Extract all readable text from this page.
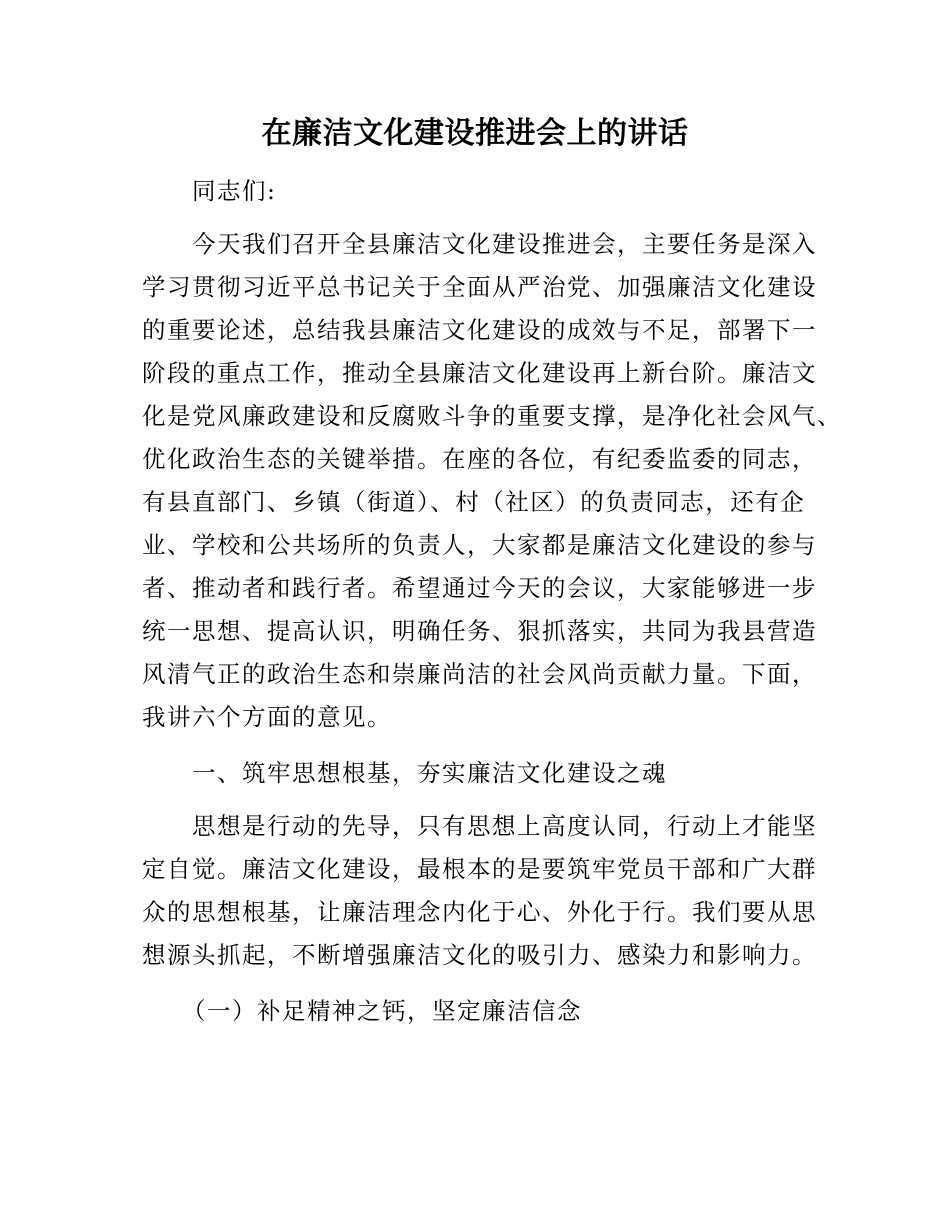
在廉洁文化建设推进会上的讲话
同志们:
今天我们召开全县廉洁文化建设推进会，主要任务是深入
学习贯彻习近平总书记关于全面从严治党、加强廉洁文化建设
的重要论述，总结我县廉洁文化建设的成效与不足，部署下一
阶段的重点工作，推动全县廉洁文化建设再上新台阶。廉洁文
化是党风廉政建设和反腐败斗争的重要支撑，是净化社会风气、
优化政治生态的关键举措。在座的各位，有纪委监委的同志，
有县直部门、乡镇（街道）、村（社区）的负责同志，还有企
业、学校和公共场所的负责人，大家都是廉洁文化建设的参与
者、推动者和践行者。希望通过今天的会议，大家能够进一步
统一思想、提高认识，明确任务、狠抓落实，共同为我县营造
风清气正的政治生态和崇廉尚洁的社会风尚贡献力量。下面，
我讲六个方面的意见。
一、筑牢思想根基，夯实廉洁文化建设之魂
思想是行动的先导，只有思想上高度认同，行动上才能坚
定自觉。廉洁文化建设，最根本的是要筑牢党员干部和广大群
众的思想根基，让廉洁理念内化于心、外化于行。我们要从思
想源头抓起，不断增强廉洁文化的吸引力、感染力和影响力。
（一）补足精神之钙，坚定廉洁信念
